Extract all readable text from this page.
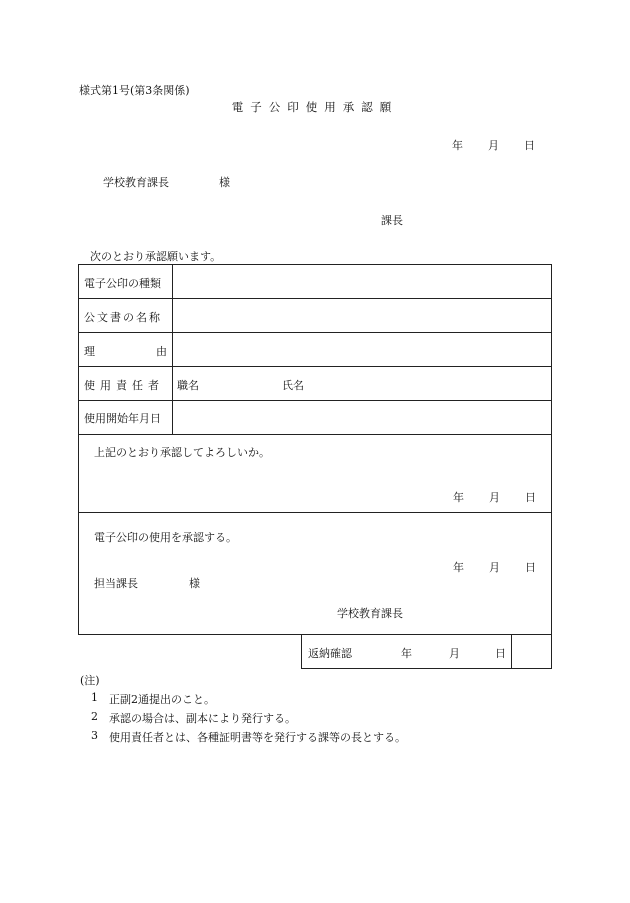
様式第1号(第3条関係)
電子公印使用承認願
年 月 日
学校教育課長	様
課長
次のとおり承認願います。
電子公印の種類
公文書の名称
理	由
使用責任者 職名	氏名
使用開始年月日
上記のとおり承認してよろしいか。
年 月 日
電子公印の使用を承認する。
年 月 日
担当課長	様
学校教育課長
返納確認	年	月	日
(注)
1 正副2通提出のこと。
2 承認の場合は、副本により発行する。
3 使用責任者とは、各種証明書等を発行する課等の長とする。
